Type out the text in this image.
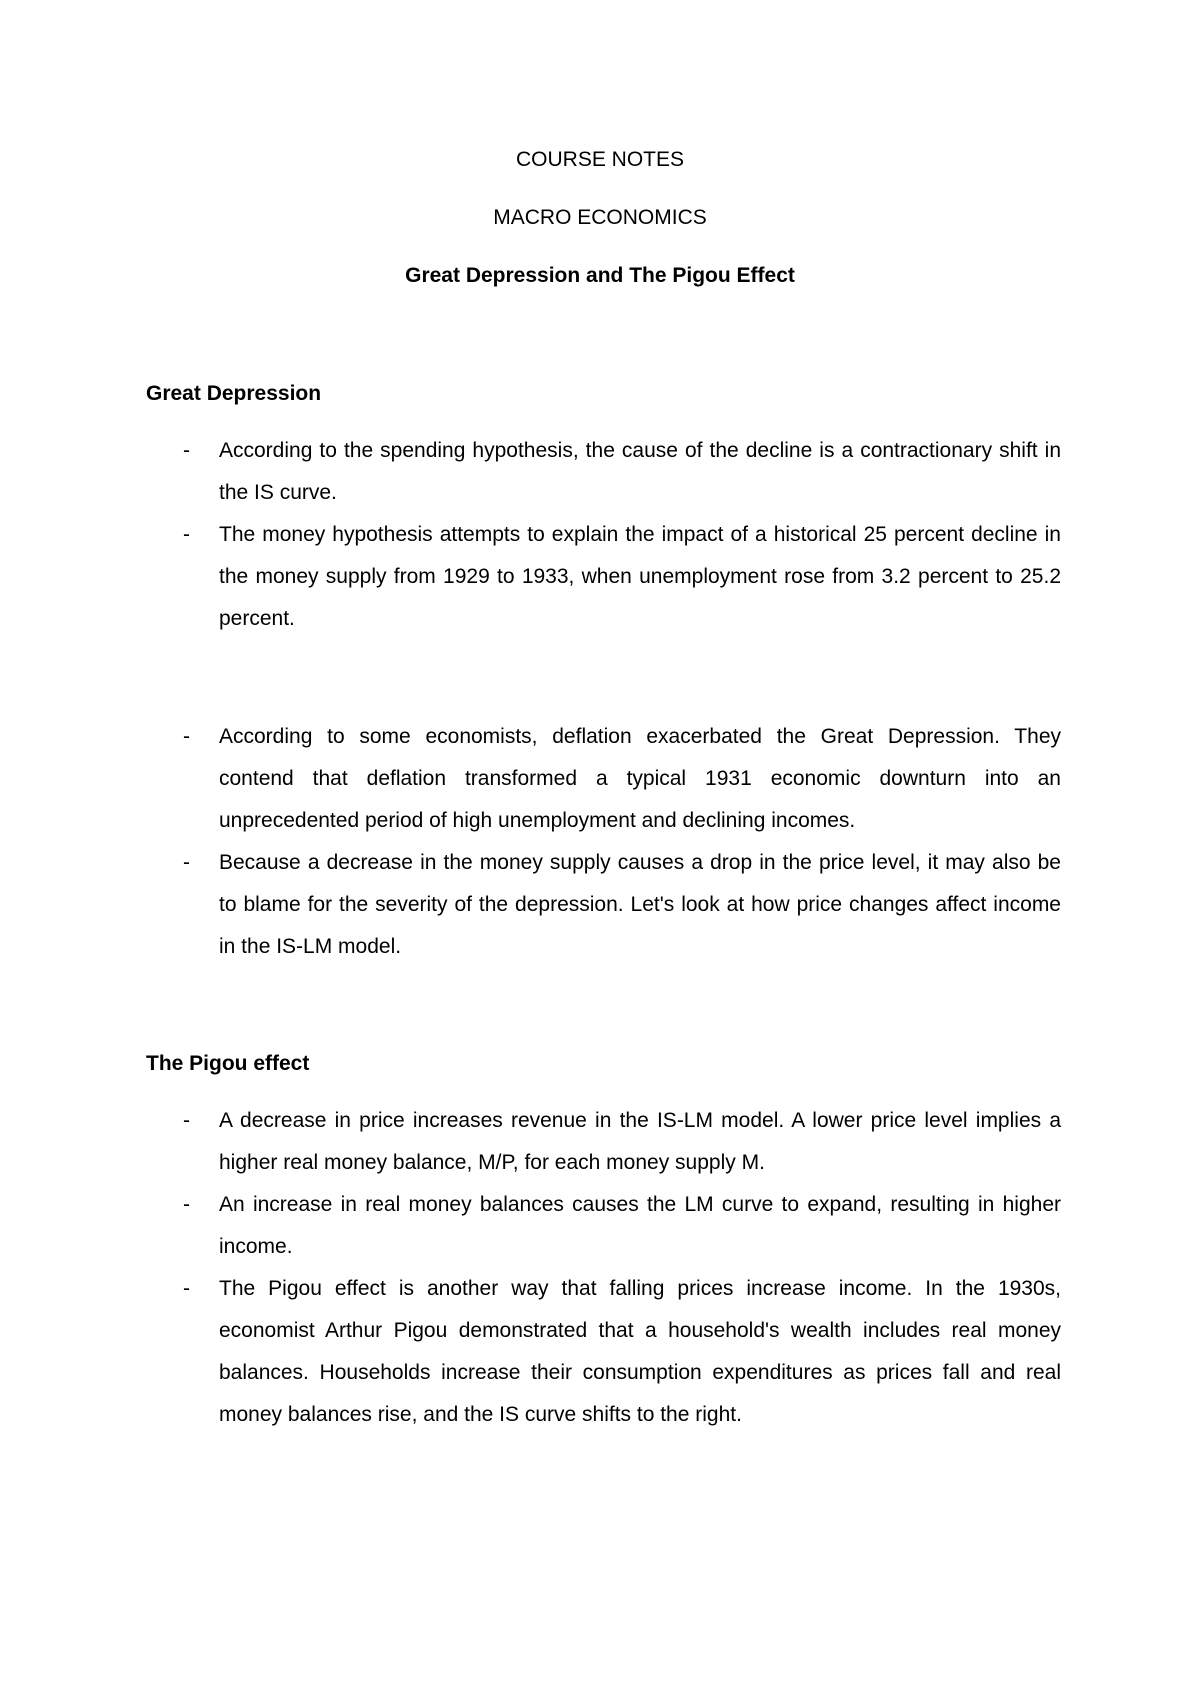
COURSE NOTES
MACRO ECONOMICS
Great Depression and The Pigou Effect
Great Depression
- According to the spending hypothesis, the cause of the decline is a contractionary shift in the IS curve.
- The money hypothesis attempts to explain the impact of a historical 25 percent decline in the money supply from 1929 to 1933, when unemployment rose from 3.2 percent to 25.2 percent.
- According to some economists, deflation exacerbated the Great Depression. They contend that deflation transformed a typical 1931 economic downturn into an unprecedented period of high unemployment and declining incomes.
- Because a decrease in the money supply causes a drop in the price level, it may also be to blame for the severity of the depression. Let's look at how price changes affect income in the IS-LM model.
The Pigou effect
- A decrease in price increases revenue in the IS-LM model. A lower price level implies a higher real money balance, M/P, for each money supply M.
- An increase in real money balances causes the LM curve to expand, resulting in higher income.
- The Pigou effect is another way that falling prices increase income. In the 1930s, economist Arthur Pigou demonstrated that a household's wealth includes real money balances. Households increase their consumption expenditures as prices fall and real money balances rise, and the IS curve shifts to the right.
